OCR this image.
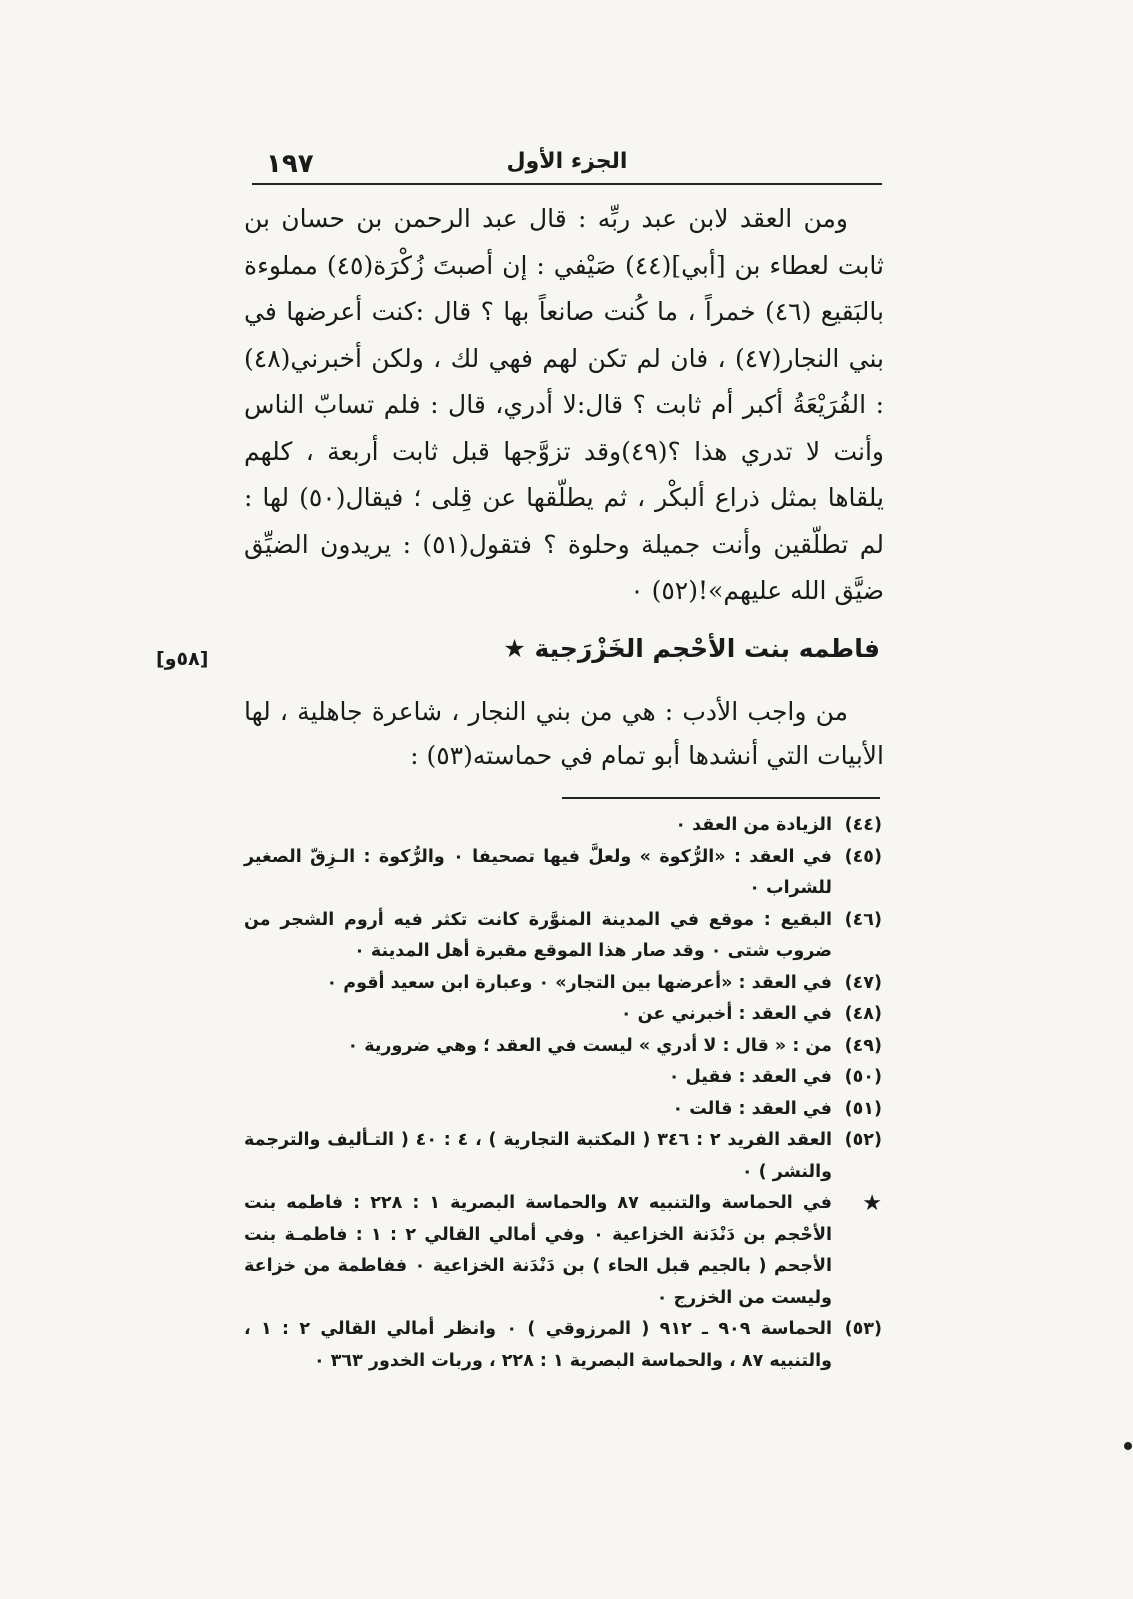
١٩٧	الجزء الأول

ومن العقد لابن عبد ربِّه : قال عبد الرحمن بن حسان بن ثابت لعطاء بن [أبي](٤٤) صَيْفي : إن أصبتَ زُكْرَة(٤٥) مملوءة بالبَقيع (٤٦) خمراً ، ما كُنت صانعاً بها ؟ قال :كنت أعرضها في بني النجار(٤٧) ، فان لم تكن لهم فهي لك ، ولكن أخبرني(٤٨) : الفُرَيْعَةُ أكبر أم ثابت ؟ قال:لا أدري، قال : فلم تسابّ الناس وأنت لا تدري هذا ؟(٤٩)وقد تزوَّجها قبل ثابت أربعة ، كلهم يلقاها بمثل ذراع ألبكْر ، ثم يطلّقها عن قِلى ؛ فيقال(٥٠) لها : لم تطلّقين وأنت جميلة وحلوة ؟ فتقول(٥١) : يريدون الضيِّق ضيَّق الله عليهم»!(٥٢) ٠

[٥٨و]	فاطمه بنت الأحْجم الخَزْرَجية ★

من واجب الأدب : هي من بني النجار ، شاعرة جاهلية ، لها الأبيات التي أنشدها أبو تمام في حماسته(٥٣) :

(٤٤)
الزيادة من العقد ٠
(٤٥)
في العقد : «الرُّكوة » ولعلَّ فيها تصحيفا ٠ والرُّكوة : الـزِقّ الصغير للشراب ٠
(٤٦)
البقيع : موقع في المدينة المنوَّرة كانت تكثر فيه أروم الشجر من ضروب شتى ٠ وقد صار هذا الموقع مقبرة أهل المدينة ٠
(٤٧)
في العقد : «أعرضها بين التجار» ٠ وعبارة ابن سعيد أقوم ٠
(٤٨)
في العقد : أخبرني عن ٠
(٤٩)
من : « قال : لا أدري » ليست في العقد ؛ وهي ضرورية ٠
(٥٠)
في العقد : فقيل ٠
(٥١)
في العقد : قالت ٠
(٥٢)
العقد الفريد ٢ : ٣٤٦ ( المكتبة التجارية ) ، ٤ : ٤٠ ( التـأليف والترجمة والنشر ) ٠
★
في الحماسة والتنبيه ٨٧ والحماسة البصرية ١ : ٢٢٨ : فاطمه بنت الأحْجم بن دَنْدَنة الخزاعية ٠ وفي أمالي القالي ٢ : ١ : فاطمـة بنت الأجحم ( بالجيم قبل الحاء ) بن دَنْدَنة الخزاعية ٠ ففاطمة من خزاعة وليست من الخزرج ٠
(٥٣)
الحماسة ٩٠٩ ـ ٩١٢ ( المرزوقي ) ٠ وانظر أمالي القالي ٢ : ١ ، والتنبيه ٨٧ ، والحماسة البصرية ١ : ٢٢٨ ، وربات الخدور ٣٦٣ ٠
